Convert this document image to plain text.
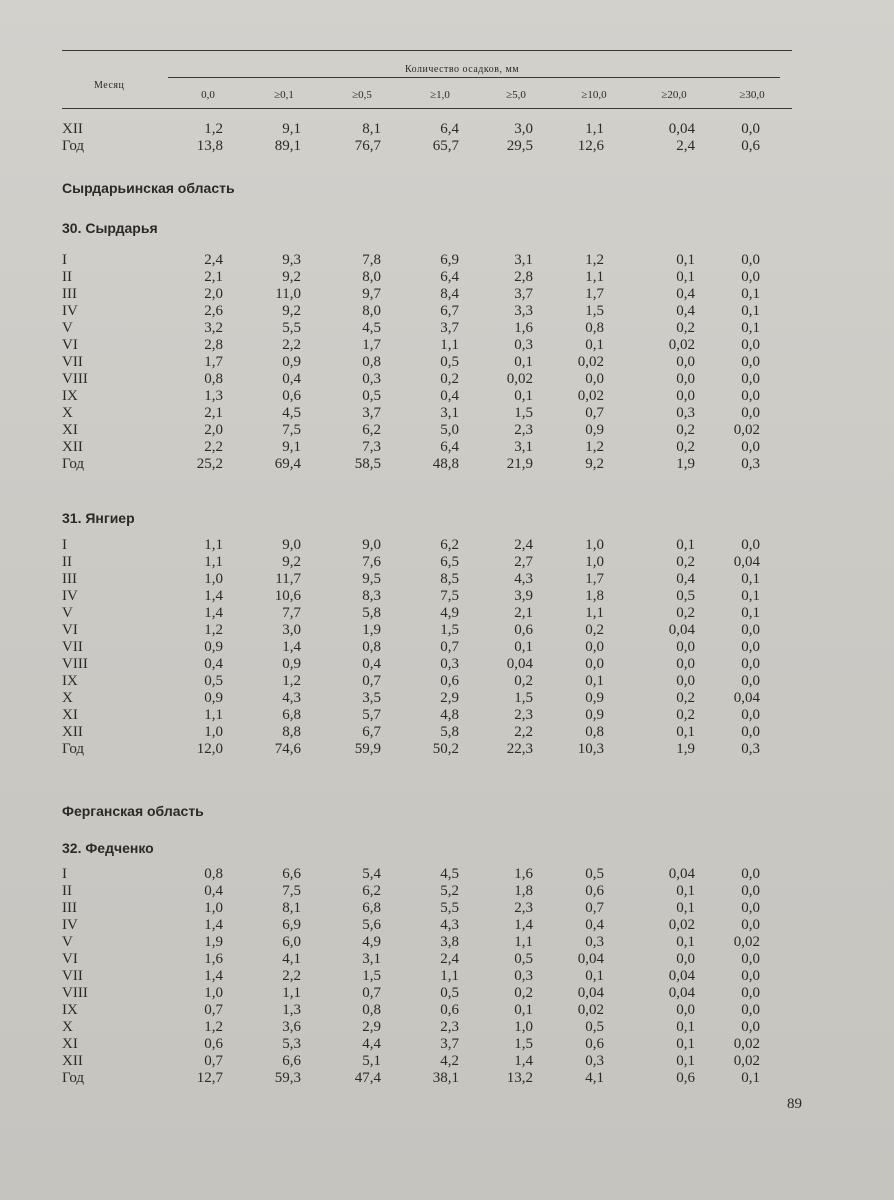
Месяц
Количество осадков, мм
0,0	≥0,1	≥0,5	≥1,0	≥5,0	≥10,0	≥20,0	≥30,0
XII	1,2	9,1	8,1	6,4	3,0	1,1	0,04	0,0
Год	13,8	89,1	76,7	65,7	29,5	12,6	2,4	0,6
Сырдарьинская область
30. Сырдарья
I	2,4	9,3	7,8	6,9	3,1	1,2	0,1	0,0
II	2,1	9,2	8,0	6,4	2,8	1,1	0,1	0,0
III	2,0	11,0	9,7	8,4	3,7	1,7	0,4	0,1
IV	2,6	9,2	8,0	6,7	3,3	1,5	0,4	0,1
V	3,2	5,5	4,5	3,7	1,6	0,8	0,2	0,1
VI	2,8	2,2	1,7	1,1	0,3	0,1	0,02	0,0
VII	1,7	0,9	0,8	0,5	0,1	0,02	0,0	0,0
VIII	0,8	0,4	0,3	0,2	0,02	0,0	0,0	0,0
IX	1,3	0,6	0,5	0,4	0,1	0,02	0,0	0,0
X	2,1	4,5	3,7	3,1	1,5	0,7	0,3	0,0
XI	2,0	7,5	6,2	5,0	2,3	0,9	0,2	0,02
XII	2,2	9,1	7,3	6,4	3,1	1,2	0,2	0,0
Год	25,2	69,4	58,5	48,8	21,9	9,2	1,9	0,3
31. Янгиер
I	1,1	9,0	9,0	6,2	2,4	1,0	0,1	0,0
II	1,1	9,2	7,6	6,5	2,7	1,0	0,2	0,04
III	1,0	11,7	9,5	8,5	4,3	1,7	0,4	0,1
IV	1,4	10,6	8,3	7,5	3,9	1,8	0,5	0,1
V	1,4	7,7	5,8	4,9	2,1	1,1	0,2	0,1
VI	1,2	3,0	1,9	1,5	0,6	0,2	0,04	0,0
VII	0,9	1,4	0,8	0,7	0,1	0,0	0,0	0,0
VIII	0,4	0,9	0,4	0,3	0,04	0,0	0,0	0,0
IX	0,5	1,2	0,7	0,6	0,2	0,1	0,0	0,0
X	0,9	4,3	3,5	2,9	1,5	0,9	0,2	0,04
XI	1,1	6,8	5,7	4,8	2,3	0,9	0,2	0,0
XII	1,0	8,8	6,7	5,8	2,2	0,8	0,1	0,0
Год	12,0	74,6	59,9	50,2	22,3	10,3	1,9	0,3
Ферганская область
32. Федченко
I	0,8	6,6	5,4	4,5	1,6	0,5	0,04	0,0
II	0,4	7,5	6,2	5,2	1,8	0,6	0,1	0,0
III	1,0	8,1	6,8	5,5	2,3	0,7	0,1	0,0
IV	1,4	6,9	5,6	4,3	1,4	0,4	0,02	0,0
V	1,9	6,0	4,9	3,8	1,1	0,3	0,1	0,02
VI	1,6	4,1	3,1	2,4	0,5	0,04	0,0	0,0
VII	1,4	2,2	1,5	1,1	0,3	0,1	0,04	0,0
VIII	1,0	1,1	0,7	0,5	0,2	0,04	0,04	0,0
IX	0,7	1,3	0,8	0,6	0,1	0,02	0,0	0,0
X	1,2	3,6	2,9	2,3	1,0	0,5	0,1	0,0
XI	0,6	5,3	4,4	3,7	1,5	0,6	0,1	0,02
XII	0,7	6,6	5,1	4,2	1,4	0,3	0,1	0,02
Год	12,7	59,3	47,4	38,1	13,2	4,1	0,6	0,1
89
